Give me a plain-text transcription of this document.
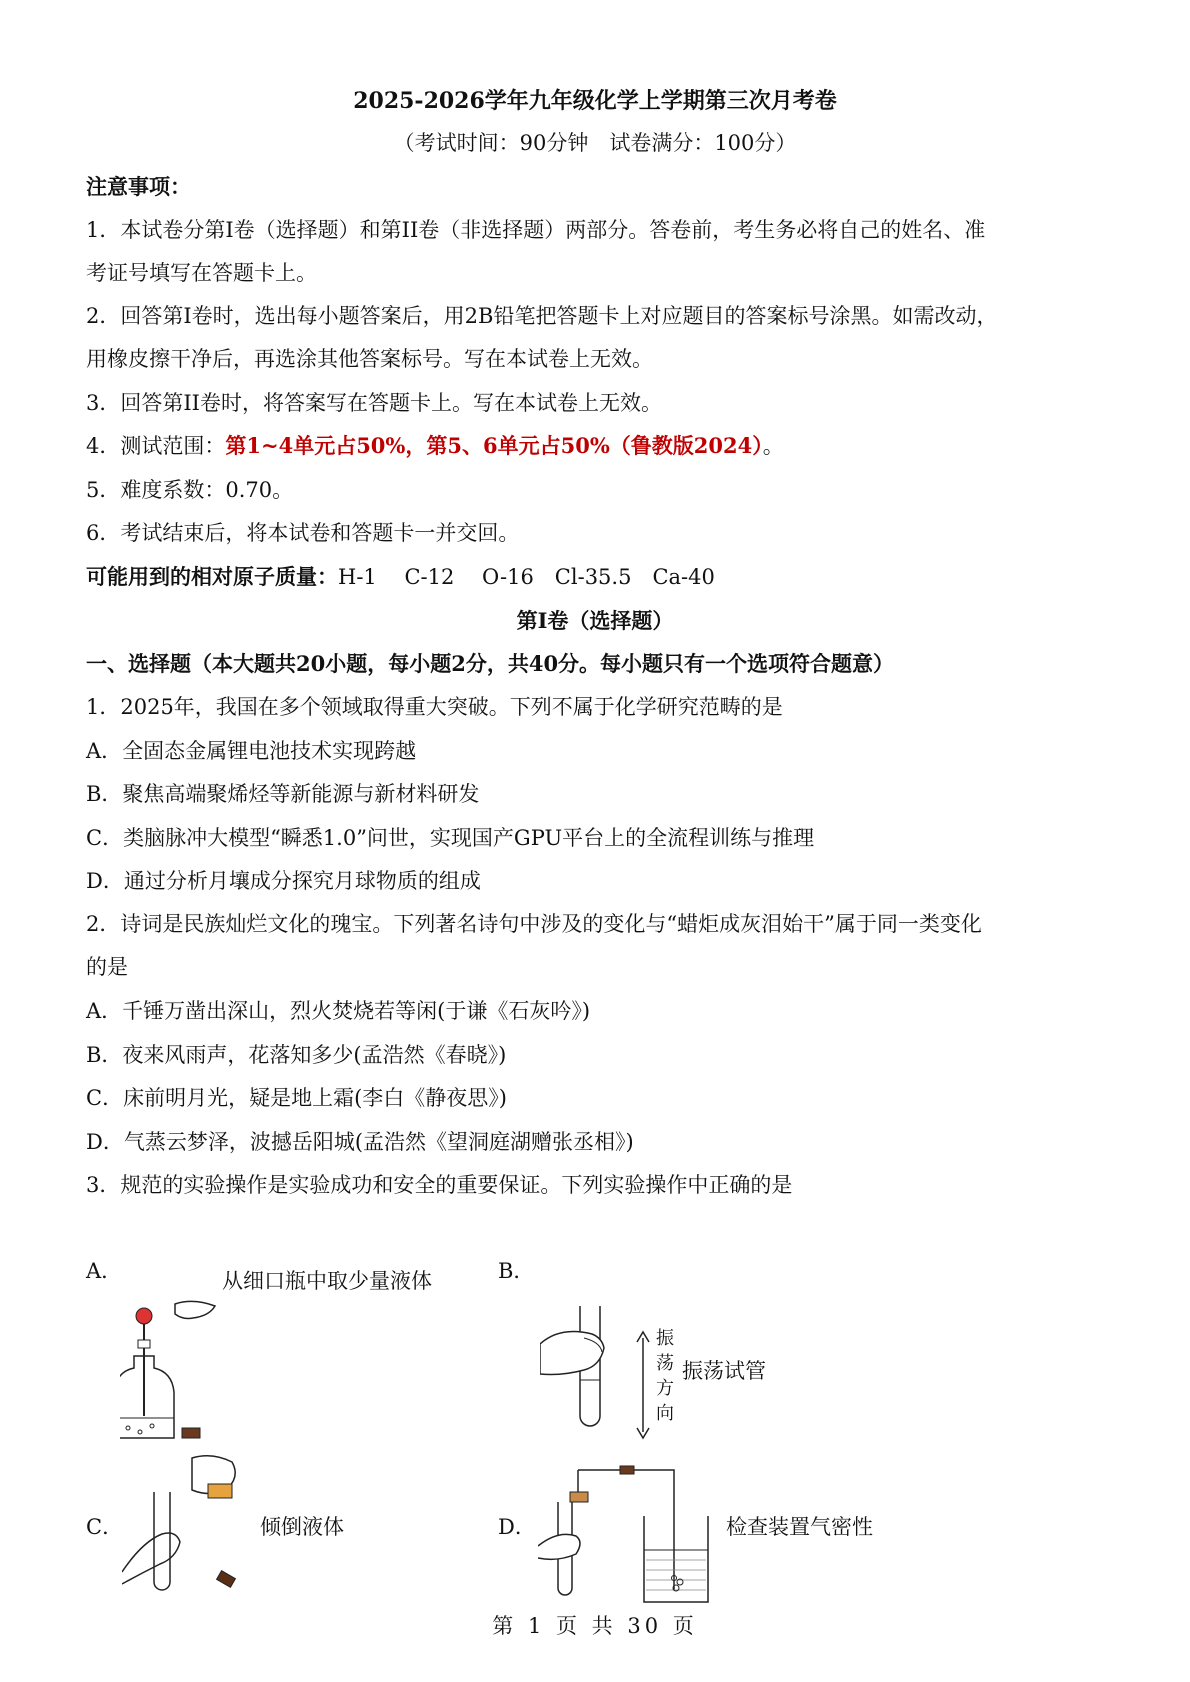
2025-2026学年九年级化学上学期第三次月考卷
（考试时间：90分钟　试卷满分：100分）
注意事项：
1．本试卷分第I卷（选择题）和第II卷（非选择题）两部分。答卷前，考生务必将自己的姓名、准
考证号填写在答题卡上。
2．回答第I卷时，选出每小题答案后，用2B铅笔把答题卡上对应题目的答案标号涂黑。如需改动，
用橡皮擦干净后，再选涂其他答案标号。写在本试卷上无效。
3．回答第II卷时，将答案写在答题卡上。写在本试卷上无效。
4．测试范围：第1~4单元占50%，第5、6单元占50%（鲁教版2024）。
5．难度系数：0.70。
6．考试结束后，将本试卷和答题卡一并交回。
可能用到的相对原子质量：H-1　 C-12　 O-16　Cl-35.5　Ca-40
第I卷（选择题）
一、选择题（本大题共20小题，每小题2分，共40分。每小题只有一个选项符合题意）
1．2025年，我国在多个领域取得重大突破。下列不属于化学研究范畴的是
A．全固态金属锂电池技术实现跨越
B．聚焦高端聚烯烃等新能源与新材料研发
C．类脑脉冲大模型“瞬悉1.0”问世，实现国产GPU平台上的全流程训练与推理
D．通过分析月壤成分探究月球物质的组成
2．诗词是民族灿烂文化的瑰宝。下列著名诗句中涉及的变化与“蜡炬成灰泪始干”属于同一类变化
的是
A．千锤万凿出深山，烈火焚烧若等闲(于谦《石灰吟》)
B．夜来风雨声，花落知多少(孟浩然《春晓》)
C．床前明月光，疑是地上霜(李白《静夜思》)
D．气蒸云梦泽，波撼岳阳城(孟浩然《望洞庭湖赠张丞相》)
3．规范的实验操作是实验成功和安全的重要保证。下列实验操作中正确的是
A．	从细口瓶中取少量液体	B．
振
荡
方
向
振荡试管
C．	倾倒液体	D．	检查装置气密性
第 1 页 共 30 页
